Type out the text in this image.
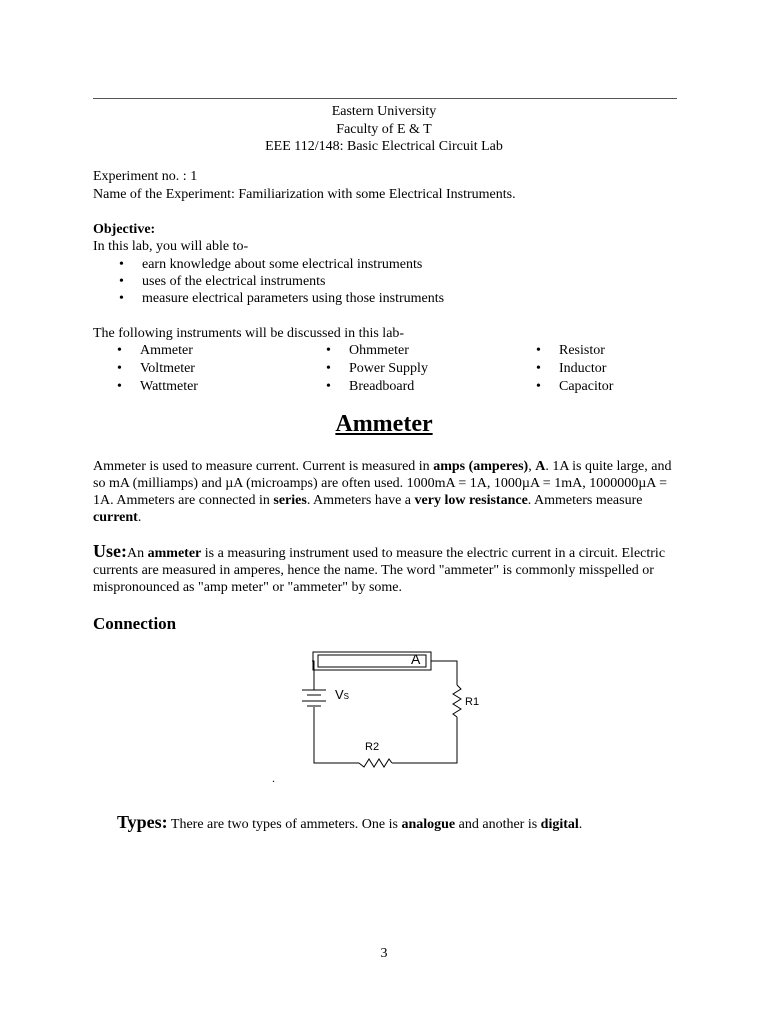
Eastern University
Faculty of E & T
EEE 112/148: Basic Electrical Circuit Lab
Experiment no. : 1
Name of the Experiment: Familiarization with some Electrical Instruments.
Objective:
In this lab, you will able to-
• earn knowledge about some electrical instruments
• uses of the electrical instruments
• measure electrical parameters using those instruments
The following instruments will be discussed in this lab-
• Ammeter
• Voltmeter
• Wattmeter
• Ohmmeter
• Power Supply
• Breadboard
• Resistor
• Inductor
• Capacitor
Ammeter
Ammeter is used to measure current. Current is measured in amps (amperes), A. 1A is quite large, and so mA (milliamps) and µA (microamps) are often used. 1000mA = 1A, 1000µA = 1mA, 1000000µA = 1A. Ammeters are connected in series. Ammeters have a very low resistance. Ammeters measure current.
Use:An ammeter is a measuring instrument used to measure the electric current in a circuit. Electric currents are measured in amperes, hence the name. The word "ammeter" is commonly misspelled or mispronounced as "amp meter" or "ammeter" by some.
Connection
A
VS	R1
R2
.
Types: There are two types of ammeters. One is analogue and another is digital.
3
